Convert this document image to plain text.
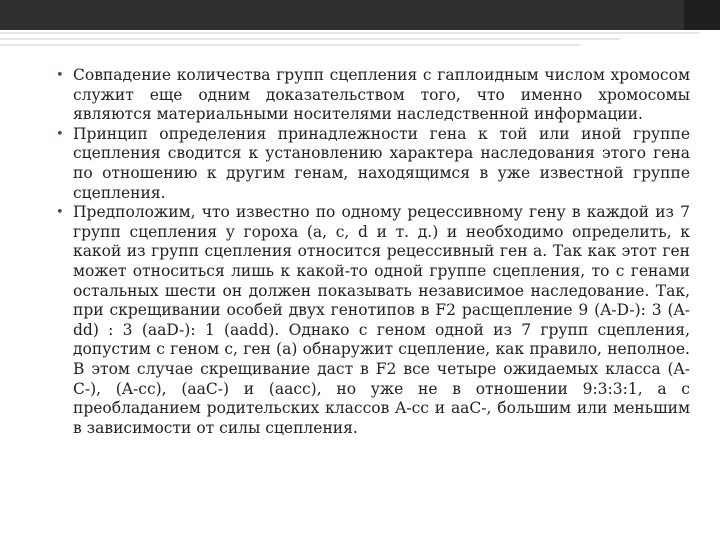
• Совпадение количества групп сцепления с гаплоидным числом хромосом служит еще одним доказательством того, что именно хромосомы являются материальными носителями наследственной информации.
• Принцип определения принадлежности гена к той или иной группе сцепления сводится к установлению характера наследования этого гена по отношению к другим генам, находящимся в уже известной группе сцепления.
• Предположим, что известно по одному рецессивному гену в каждой из 7 групп сцепления у гороха (a, c, d и т. д.) и необходимо определить, к какой из групп сцепления относится рецессивный ген a. Так как этот ген может относиться лишь к какой-то одной группе сцепления, то с генами остальных шести он должен показывать независимое наследование. Так, при скрещивании особей двух генотипов в F2 расщепление 9 (A-D-): 3 (A-dd) : 3 (aaD-): 1 (aadd). Однако с геном одной из 7 групп сцепления, допустим с геном c, ген (a) обнаружит сцепление, как правило, неполное. В этом случае скрещивание даст в F2 все четыре ожидаемых класса (A-C-), (A-cc), (aaC-) и (aacc), но уже не в отношении 9:3:3:1, а с преобладанием родительских классов A-cc и aaC-, большим или меньшим в зависимости от силы сцепления.
